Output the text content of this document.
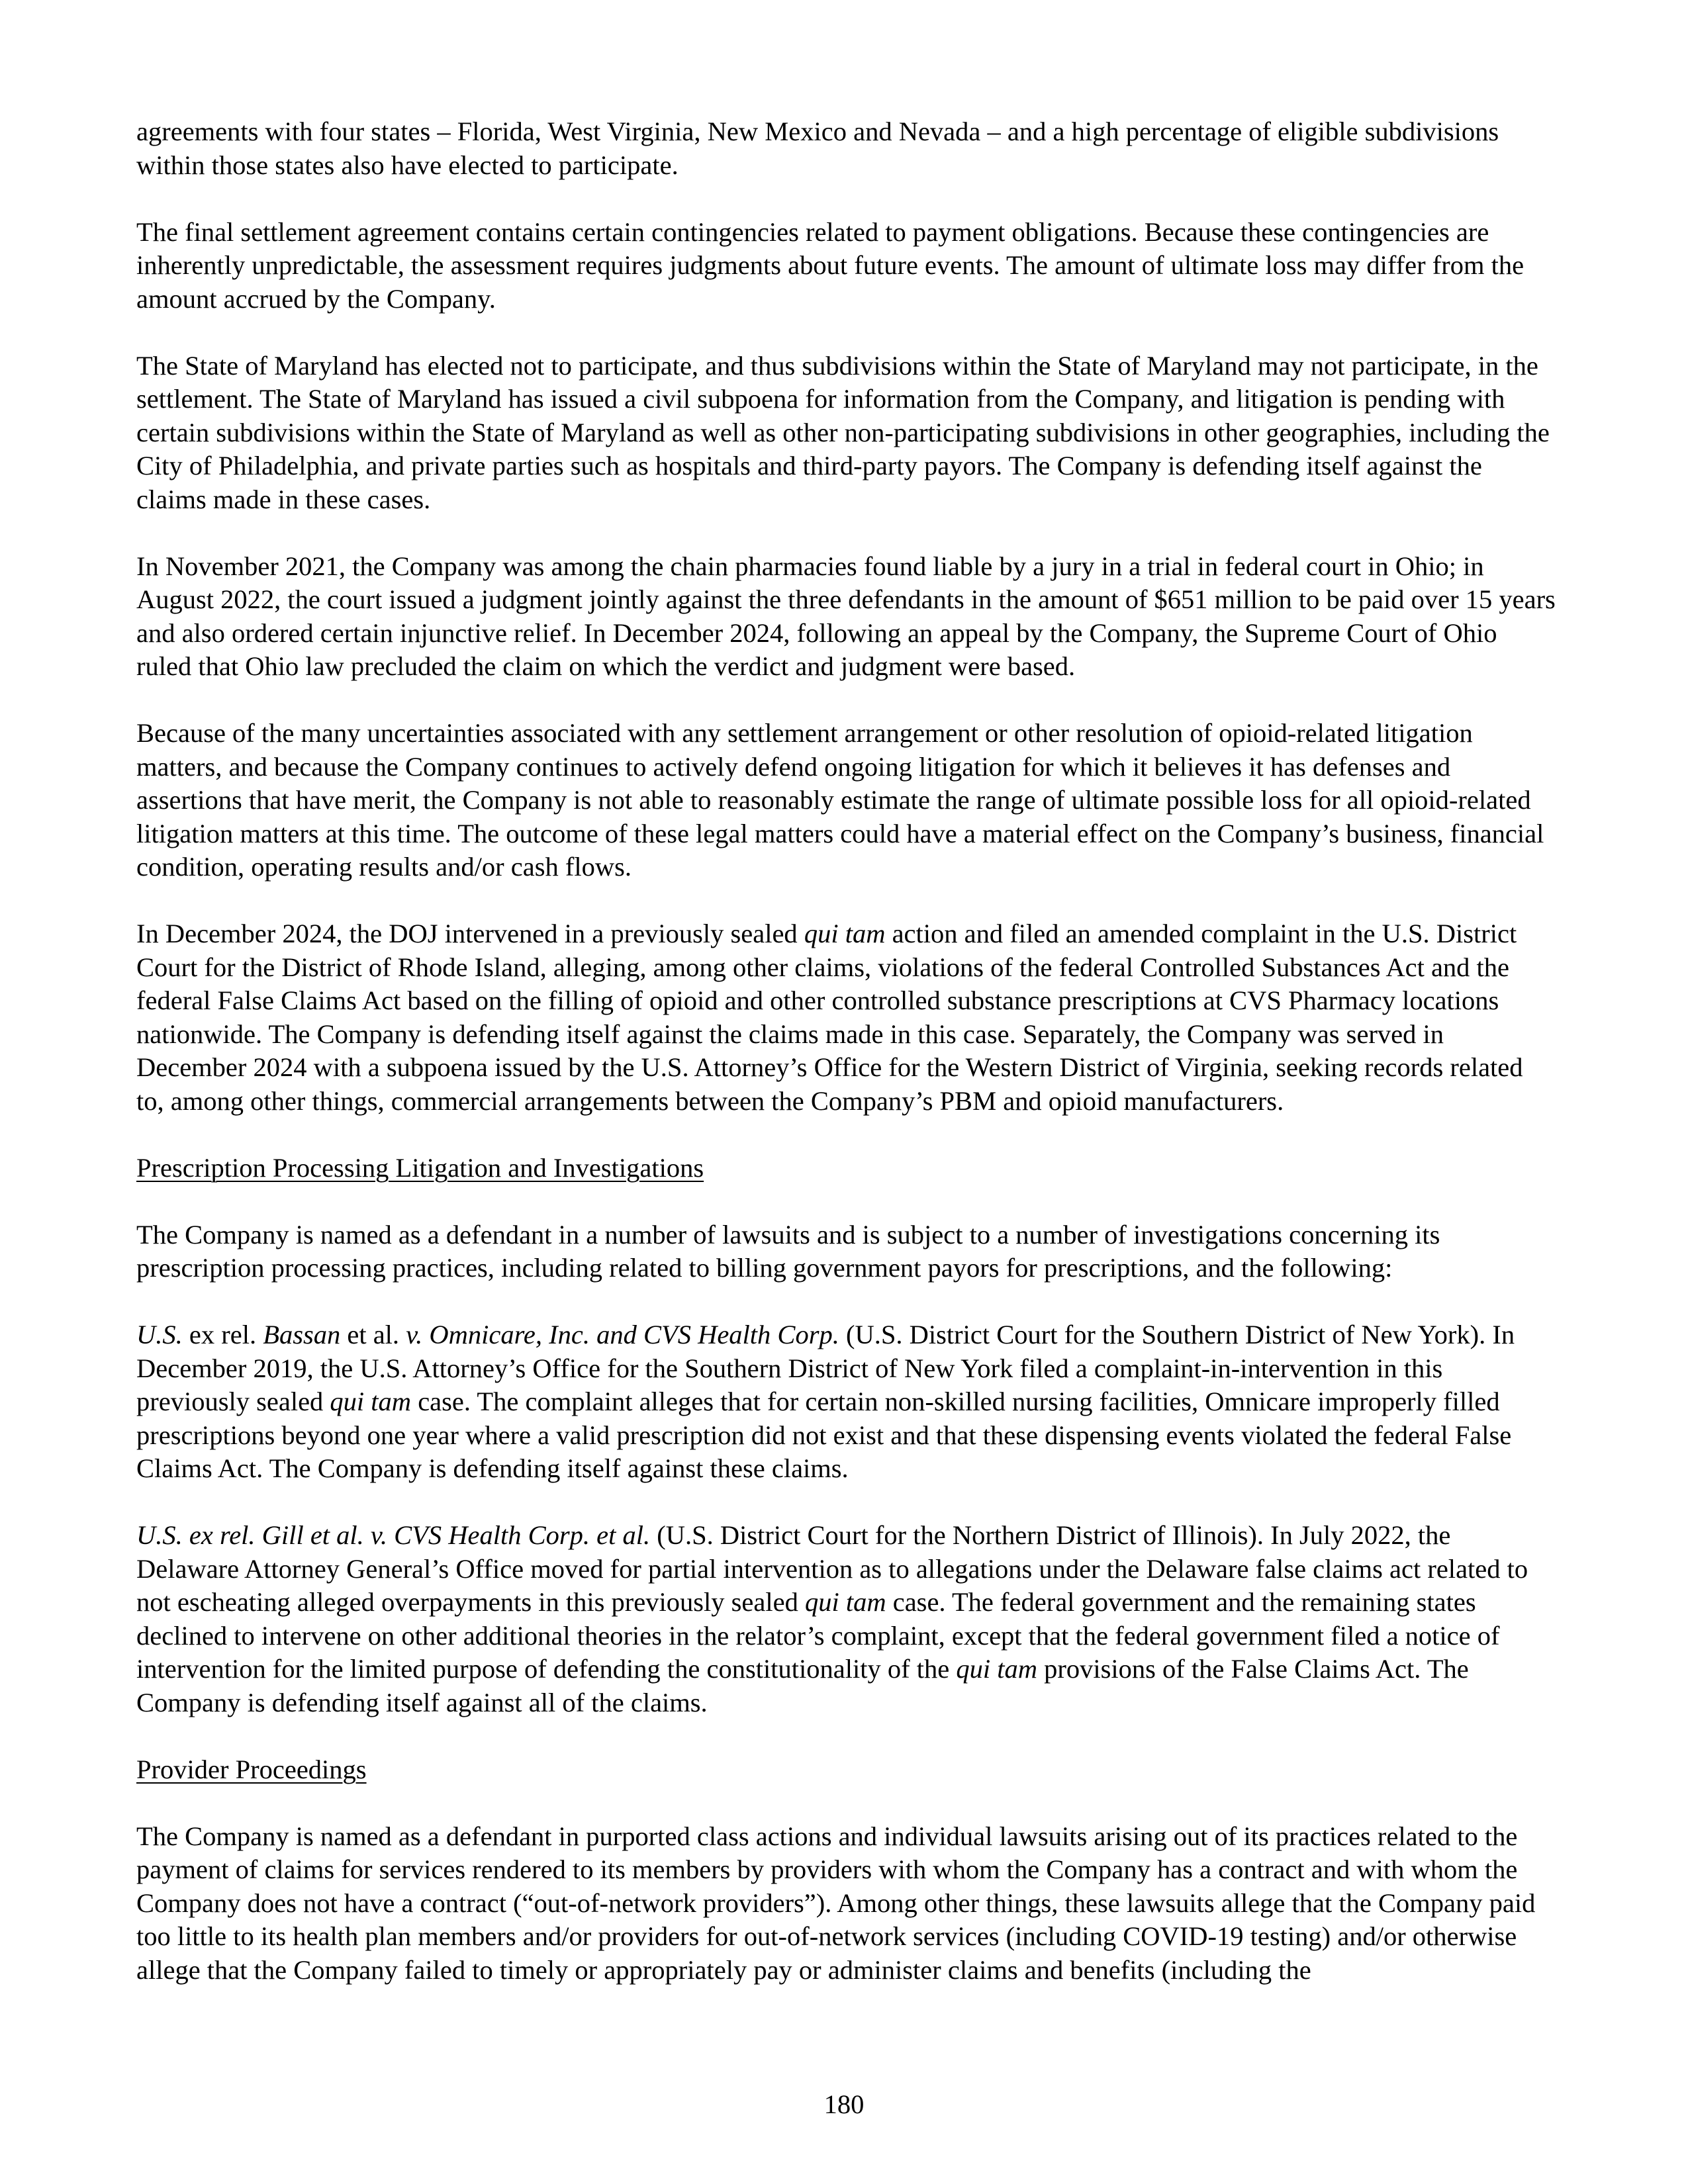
agreements with four states – Florida, West Virginia, New Mexico and Nevada – and a high percentage of eligible subdivisions within those states also have elected to participate.

The final settlement agreement contains certain contingencies related to payment obligations. Because these contingencies are inherently unpredictable, the assessment requires judgments about future events. The amount of ultimate loss may differ from the amount accrued by the Company.

The State of Maryland has elected not to participate, and thus subdivisions within the State of Maryland may not participate, in the settlement. The State of Maryland has issued a civil subpoena for information from the Company, and litigation is pending with certain subdivisions within the State of Maryland as well as other non-participating subdivisions in other geographies, including the City of Philadelphia, and private parties such as hospitals and third-party payors. The Company is defending itself against the claims made in these cases.

In November 2021, the Company was among the chain pharmacies found liable by a jury in a trial in federal court in Ohio; in August 2022, the court issued a judgment jointly against the three defendants in the amount of $651 million to be paid over 15 years and also ordered certain injunctive relief. In December 2024, following an appeal by the Company, the Supreme Court of Ohio ruled that Ohio law precluded the claim on which the verdict and judgment were based.

Because of the many uncertainties associated with any settlement arrangement or other resolution of opioid-related litigation matters, and because the Company continues to actively defend ongoing litigation for which it believes it has defenses and assertions that have merit, the Company is not able to reasonably estimate the range of ultimate possible loss for all opioid-related litigation matters at this time. The outcome of these legal matters could have a material effect on the Company’s business, financial condition, operating results and/or cash flows.

In December 2024, the DOJ intervened in a previously sealed qui tam action and filed an amended complaint in the U.S. District Court for the District of Rhode Island, alleging, among other claims, violations of the federal Controlled Substances Act and the federal False Claims Act based on the filling of opioid and other controlled substance prescriptions at CVS Pharmacy locations nationwide. The Company is defending itself against the claims made in this case. Separately, the Company was served in December 2024 with a subpoena issued by the U.S. Attorney’s Office for the Western District of Virginia, seeking records related to, among other things, commercial arrangements between the Company’s PBM and opioid manufacturers.

Prescription Processing Litigation and Investigations

The Company is named as a defendant in a number of lawsuits and is subject to a number of investigations concerning its prescription processing practices, including related to billing government payors for prescriptions, and the following:

U.S. ex rel. Bassan et al. v. Omnicare, Inc. and CVS Health Corp. (U.S. District Court for the Southern District of New York). In December 2019, the U.S. Attorney’s Office for the Southern District of New York filed a complaint-in-intervention in this previously sealed qui tam case. The complaint alleges that for certain non-skilled nursing facilities, Omnicare improperly filled prescriptions beyond one year where a valid prescription did not exist and that these dispensing events violated the federal False Claims Act. The Company is defending itself against these claims.

U.S. ex rel. Gill et al. v. CVS Health Corp. et al. (U.S. District Court for the Northern District of Illinois). In July 2022, the Delaware Attorney General’s Office moved for partial intervention as to allegations under the Delaware false claims act related to not escheating alleged overpayments in this previously sealed qui tam case. The federal government and the remaining states declined to intervene on other additional theories in the relator’s complaint, except that the federal government filed a notice of intervention for the limited purpose of defending the constitutionality of the qui tam provisions of the False Claims Act. The Company is defending itself against all of the claims.

Provider Proceedings

The Company is named as a defendant in purported class actions and individual lawsuits arising out of its practices related to the payment of claims for services rendered to its members by providers with whom the Company has a contract and with whom the Company does not have a contract (“out-of-network providers”). Among other things, these lawsuits allege that the Company paid too little to its health plan members and/or providers for out-of-network services (including COVID-19 testing) and/or otherwise allege that the Company failed to timely or appropriately pay or administer claims and benefits (including the

180
